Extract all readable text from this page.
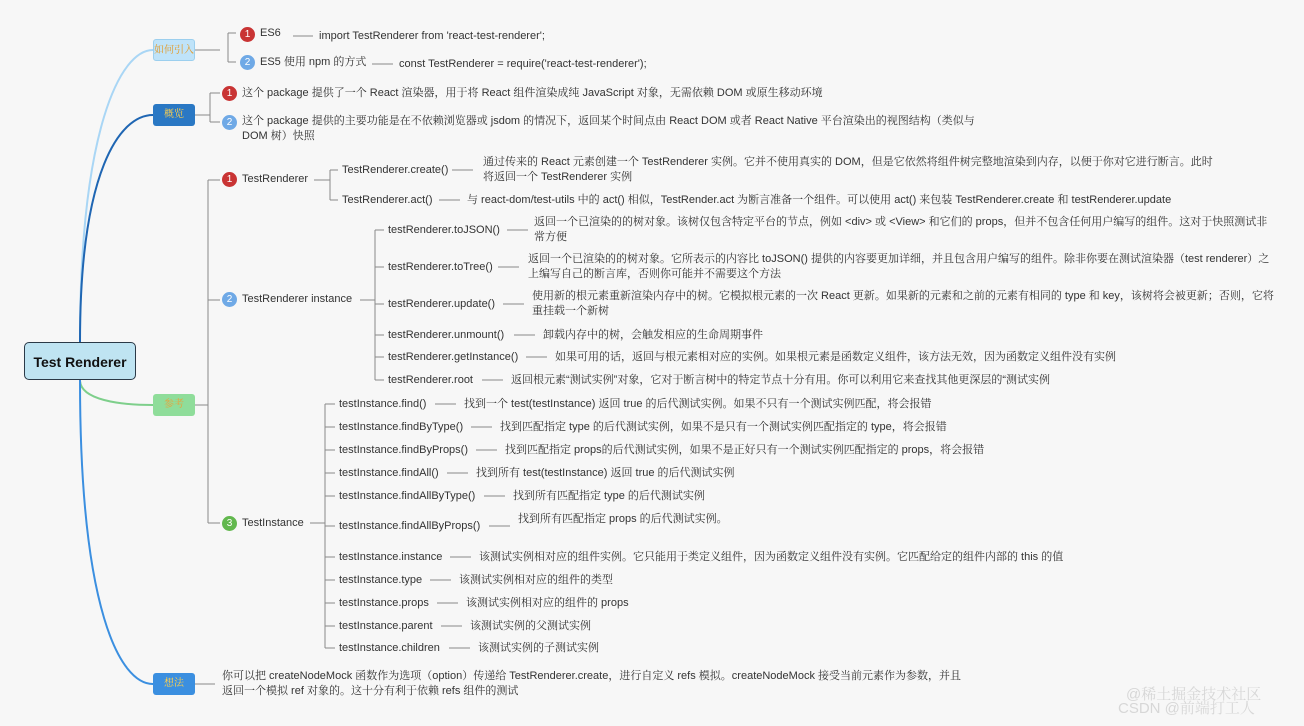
Test Renderer
如何引入
概览
参考
想法
1 ES6	import TestRenderer from 'react-test-renderer';
2 ES5 使用 npm 的方式	const TestRenderer = require('react-test-renderer');
1 这个 package 提供了一个 React 渲染器，用于将 React 组件渲染成纯 JavaScript 对象，无需依赖 DOM 或原生移动环境
2 这个 package 提供的主要功能是在不依赖浏览器或 jsdom 的情况下，返回某个时间点由 React DOM 或者 React Native 平台渲染出的视图结构（类似与 DOM 树）快照
1 TestRenderer
TestRenderer.create()
通过传来的 React 元素创建一个 TestRenderer 实例。它并不使用真实的 DOM，但是它依然将组件树完整地渲染到内存，以便于你对它进行断言。此时将返回一个 TestRenderer 实例
TestRenderer.act()	与 react-dom/test-utils 中的 act() 相似，TestRender.act 为断言准备一个组件。可以使用 act() 来包装 TestRenderer.create 和 testRenderer.update
2 TestRenderer instance
testRenderer.toJSON()
返回一个已渲染的的树对象。该树仅包含特定平台的节点，例如 <div> 或 <View> 和它们的 props，但并不包含任何用户编写的组件。这对于快照测试非常方便
testRenderer.toTree()
返回一个已渲染的的树对象。它所表示的内容比 toJSON() 提供的内容要更加详细，并且包含用户编写的组件。除非你要在测试渲染器（test renderer）之上编写自己的断言库，否则你可能并不需要这个方法
testRenderer.update()
使用新的根元素重新渲染内存中的树。它模拟根元素的一次 React 更新。如果新的元素和之前的元素有相同的 type 和 key，该树将会被更新；否则，它将重挂载一个新树
testRenderer.unmount()	卸载内存中的树，会触发相应的生命周期事件
testRenderer.getInstance()	如果可用的话，返回与根元素相对应的实例。如果根元素是函数定义组件，该方法无效，因为函数定义组件没有实例
testRenderer.root	返回根元素“测试实例”对象，它对于断言树中的特定节点十分有用。你可以利用它来查找其他更深层的“测试实例
3 TestInstance
testInstance.find()	找到一个 test(testInstance) 返回 true 的后代测试实例。如果不只有一个测试实例匹配，将会报错
testInstance.findByType()	找到匹配指定 type 的后代测试实例，如果不是只有一个测试实例匹配指定的 type，将会报错
testInstance.findByProps()	找到匹配指定 props的后代测试实例，如果不是正好只有一个测试实例匹配指定的 props，将会报错
testInstance.findAll()	找到所有 test(testInstance) 返回 true 的后代测试实例
testInstance.findAllByType()	找到所有匹配指定 type 的后代测试实例
testInstance.findAllByProps()
找到所有匹配指定 props 的后代测试实例。
testInstance.instance	该测试实例相对应的组件实例。它只能用于类定义组件，因为函数定义组件没有实例。它匹配给定的组件内部的 this 的值
testInstance.type	该测试实例相对应的组件的类型
testInstance.props	该测试实例相对应的组件的 props
testInstance.parent	该测试实例的父测试实例
testInstance.children	该测试实例的子测试实例
你可以把 createNodeMock 函数作为选项（option）传递给 TestRenderer.create，进行自定义 refs 模拟。createNodeMock 接受当前元素作为参数，并且返回一个模拟 ref 对象的。这十分有利于依赖 refs 组件的测试	@稀土掘金技术社区
CSDN @前端打工人
